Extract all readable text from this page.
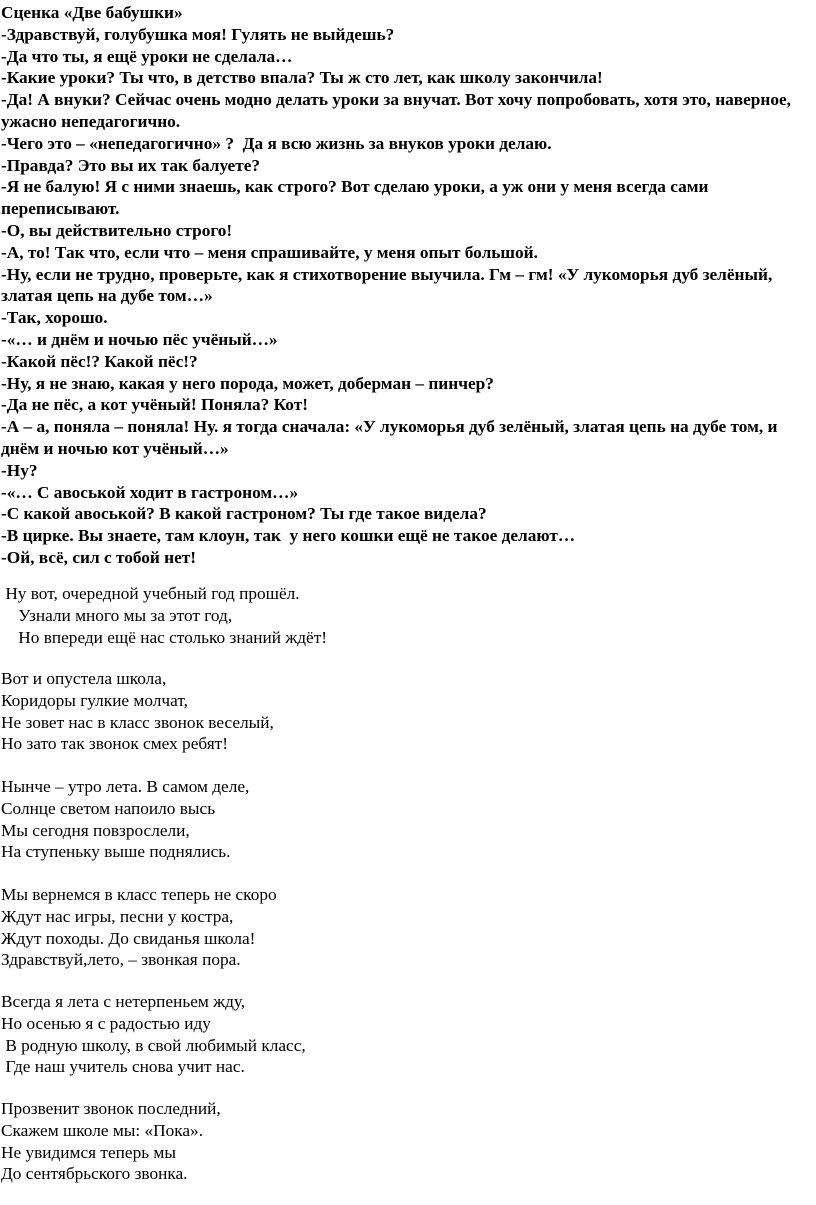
Сценка «Две бабушки»
-Здравствуй, голубушка моя! Гулять не выйдешь?
-Да что ты, я ещё уроки не сделала…
-Какие уроки? Ты что, в детство впала? Ты ж сто лет, как школу закончила!
-Да! А внуки? Сейчас очень модно делать уроки за внучат. Вот хочу попробовать, хотя это, наверное,
ужасно непедагогично.
-Чего это – «непедагогично» ?  Да я всю жизнь за внуков уроки делаю.
-Правда? Это вы их так балуете?
-Я не балую! Я с ними знаешь, как строго? Вот сделаю уроки, а уж они у меня всегда сами
переписывают.
-О, вы действительно строго!
-А, то! Так что, если что – меня спрашивайте, у меня опыт большой.
-Ну, если не трудно, проверьте, как я стихотворение выучила. Гм – гм! «У лукоморья дуб зелёный,
златая цепь на дубе том…»
-Так, хорошо.
-«… и днём и ночью пёс учёный…»
-Какой пёс!? Какой пёс!?
-Ну, я не знаю, какая у него порода, может, доберман – пинчер?
-Да не пёс, а кот учёный! Поняла? Кот!
-А – а, поняла – поняла! Ну. я тогда сначала: «У лукоморья дуб зелёный, златая цепь на дубе том, и
днём и ночью кот учёный…»
-Ну?
-«… С авоськой ходит в гастроном…»
-С какой авоськой? В какой гастроном? Ты где такое видела?
-В цирке. Вы знаете, там клоун, так  у него кошки ещё не такое делают…
-Ой, всё, сил с тобой нет!
Ну вот, очередной учебный год прошёл.
Узнали много мы за этот год,
Но впереди ещё нас столько знаний ждёт!
Вот и опустела школа,
Коридоры гулкие молчат,
Не зовет нас в класс звонок веселый,
Но зато так звонок смех ребят!
Нынче – утро лета. В самом деле,
Солнце светом напоило высь
Мы сегодня повзрослели,
На ступеньку выше поднялись.
Мы вернемся в класс теперь не скоро
Ждут нас игры, песни у костра,
Ждут походы. До свиданья школа!
Здравствуй,лето, – звонкая пора.
Всегда я лета с нетерпеньем жду,
Но осенью я с радостью иду
В родную школу, в свой любимый класс,
Где наш учитель снова учит нас.
Прозвенит звонок последний,
Скажем школе мы: «Пока».
Не увидимся теперь мы
До сентябрьского звонка.
